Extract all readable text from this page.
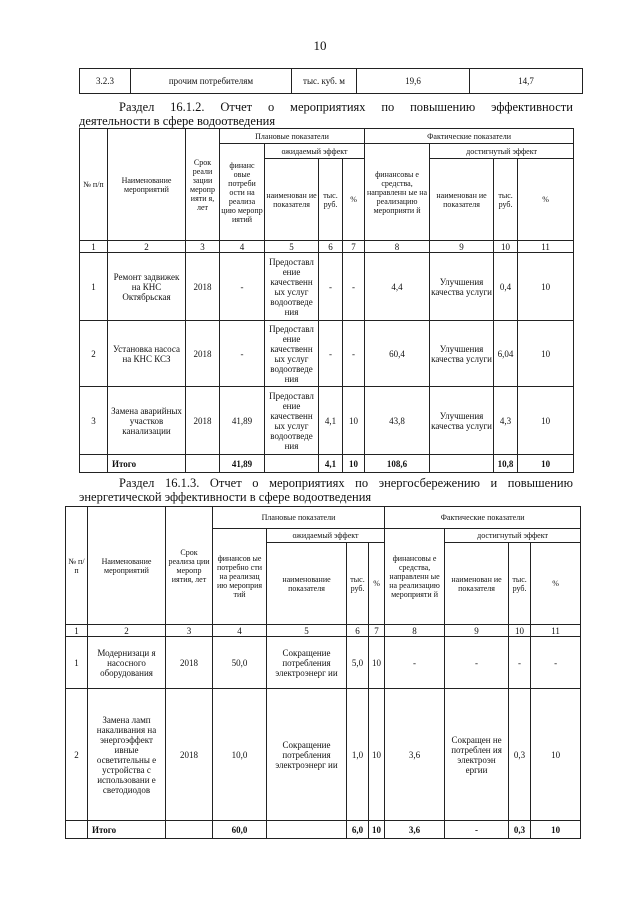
10
3.2.3	прочим потребителям	тыс. куб. м	19,6	14,7
Раздел 16.1.2. Отчет о мероприятиях по повышению эффективности
деятельности в сфере водоотведения
№ п/п	Наименование мероприятий	Срок реали зации меропр ияти я, лет	Плановые показатели				Фактические показатели			
			финанс овые потреби ости на реализа цию меропр иятий	ожидаемый эффект			финансовы е средства, направленн ые на реализацию мероприяти й	достигнутый эффект		
				наименован ие показателя	тыс. руб.	%		наименован ие показателя	тыс. руб.	%
1	2	3	4	5	6	7	8	9	10	11
1	Ремонт задвижек на КНС Октябрьская	2018	-	Предоставл ение качественн ых услуг водоотведе ния	-	-	4,4	Улучшения качества услуги	0,4	10
2	Установка насоса на КНС КСЗ	2018	-	Предоставл ение качественн ых услуг водоотведе ния	-	-	60,4	Улучшения качества услуги	6,04	10
3	Замена аварийных участков канализации	2018	41,89	Предоставл ение качественн ых услуг водоотведе ния	4,1	10	43,8	Улучшения качества услуги	4,3	10
	Итого		41,89		4,1	10	108,6		10,8	10
Раздел 16.1.3. Отчет о мероприятиях по энергосбережению и повышению
энергетической эффективности в сфере водоотведения
№ п/ п	Наименование мероприятий	Срок реализа ции меропр иятия, лет	Плановые показатели				Фактические показатели			
			финансов ые потребно сти на реализац ию мероприя тий	ожидаемый эффект			финансовы е средства, направленн ые на реализацию мероприяти й	достигнутый эффект		
				наименование показателя	тыс. руб.	%		наименован ие показателя	тыс. руб.	%
1	2	3	4	5	6	7	8	9	10	11
1	Модернизаци я насосного оборудования	2018	50,0	Сокращение потребления электроэнерг ии	5,0	10	-	-	-	-
2	Замена ламп накаливания на энергоэффект ивные осветительны е устройства с использовани е светодиодов	2018	10,0	Сокращение потребления электроэнерг ии	1,0	10	3,6	Сокращен не потреблен ия электроэн ергии	0,3	10
	Итого		60,0		6,0	10	3,6	-	0,3	10
